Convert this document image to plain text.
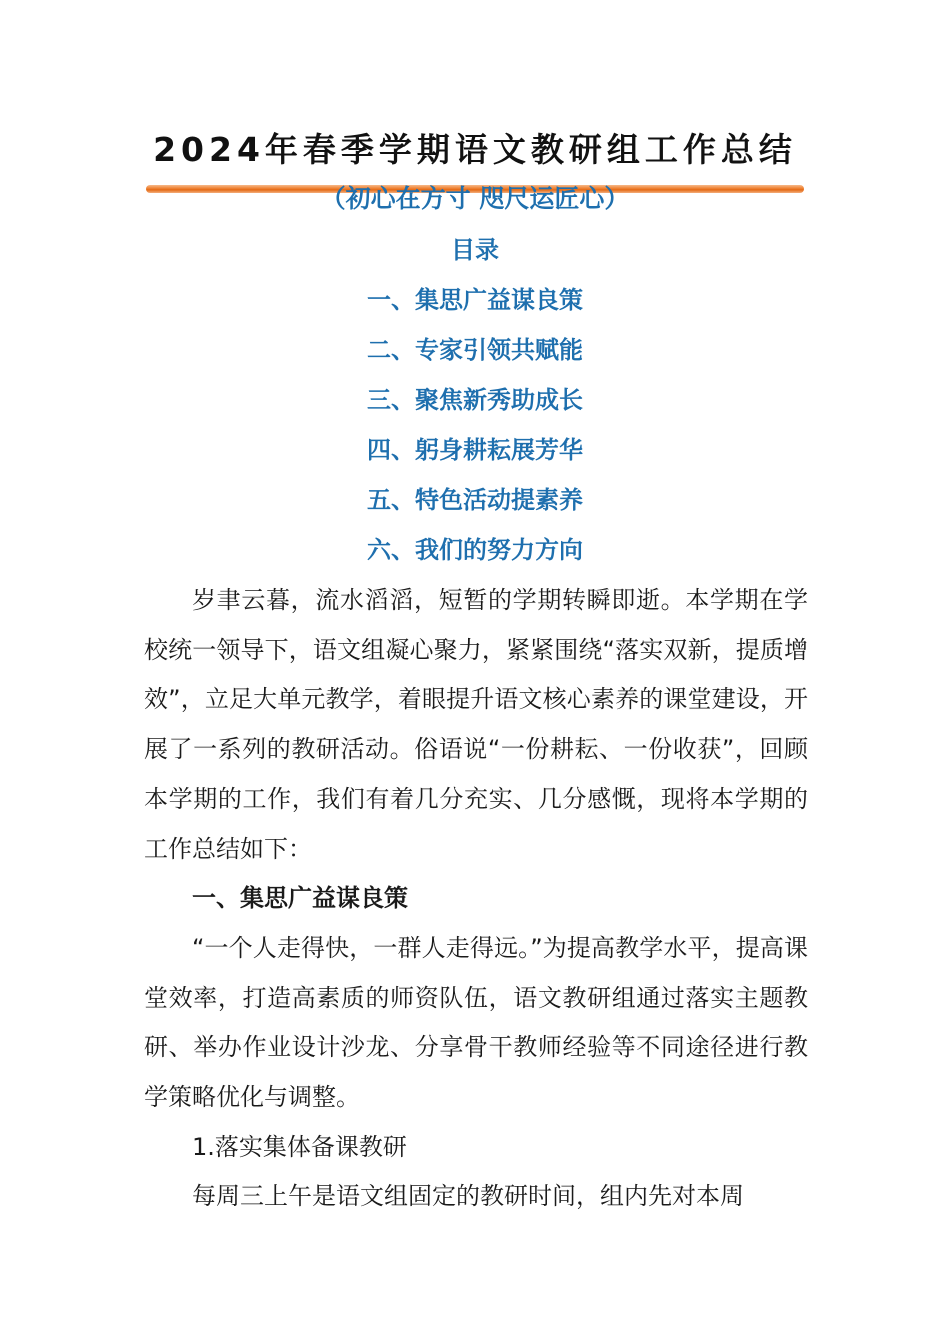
2024年春季学期语文教研组工作总结
（初心在方寸 咫尺运匠心）
目录
一、集思广益谋良策
二、专家引领共赋能
三、聚焦新秀助成长
四、躬身耕耘展芳华
五、特色活动提素养
六、我们的努力方向

岁聿云暮，流水滔滔，短暂的学期转瞬即逝。本学期在学校统一领导下，语文组凝心聚力，紧紧围绕“落实双新，提质增效”，立足大单元教学，着眼提升语文核心素养的课堂建设，开展了一系列的教研活动。俗语说“一份耕耘、一份收获”，回顾本学期的工作，我们有着几分充实、几分感慨，现将本学期的工作总结如下：

一、集思广益谋良策

“一个人走得快，一群人走得远。”为提高教学水平，提高课堂效率，打造高素质的师资队伍，语文教研组通过落实主题教研、举办作业设计沙龙、分享骨干教师经验等不同途径进行教学策略优化与调整。

1.落实集体备课教研

每周三上午是语文组固定的教研时间，组内先对本周
